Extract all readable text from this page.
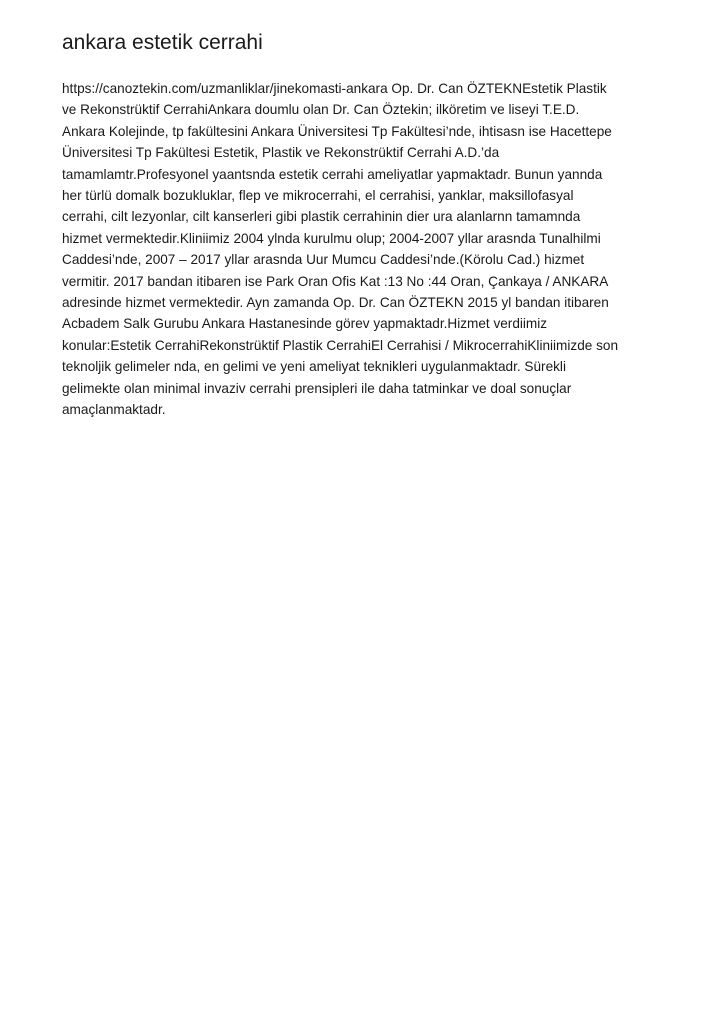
ankara estetik cerrahi
https://canoztekin.com/uzmanliklar/jinekomasti-ankara Op. Dr. Can ÖZTEKNEstetik Plastik
ve Rekonstrüktif CerrahiAnkara doumlu olan Dr. Can Öztekin; ilköretim ve liseyi T.E.D.
Ankara Kolejinde, tp fakültesini Ankara Üniversitesi Tp Fakültesi’nde, ihtisasn ise Hacettepe
Üniversitesi Tp Fakültesi Estetik, Plastik ve Rekonstrüktif Cerrahi A.D.’da
tamamlamtr.Profesyonel yaantsnda estetik cerrahi ameliyatlar yapmaktadr. Bunun yannda
her türlü domalk bozukluklar, flep ve mikrocerrahi, el cerrahisi, yanklar, maksillofasyal
cerrahi, cilt lezyonlar, cilt kanserleri gibi plastik cerrahinin dier ura alanlarnn tamamnda
hizmet vermektedir.Kliniimiz 2004 ylnda kurulmu olup; 2004-2007 yllar arasnda Tunalhilmi
Caddesi’nde, 2007 – 2017 yllar arasnda Uur Mumcu Caddesi’nde.(Körolu Cad.) hizmet
vermitir. 2017 bandan itibaren ise Park Oran Ofis Kat :13 No :44 Oran, Çankaya / ANKARA
adresinde hizmet vermektedir. Ayn zamanda Op. Dr. Can ÖZTEKN 2015 yl bandan itibaren
Acbadem Salk Gurubu Ankara Hastanesinde görev yapmaktadr.Hizmet verdiimiz
konular:Estetik CerrahiRekonstrüktif Plastik CerrahiEl Cerrahisi / MikrocerrahiKliniimizde son
teknoljik gelimeler nda, en gelimi ve yeni ameliyat teknikleri uygulanmaktadr. Sürekli
gelimekte olan minimal invaziv cerrahi prensipleri ile daha tatminkar ve doal sonuçlar
amaçlanmaktadr.
